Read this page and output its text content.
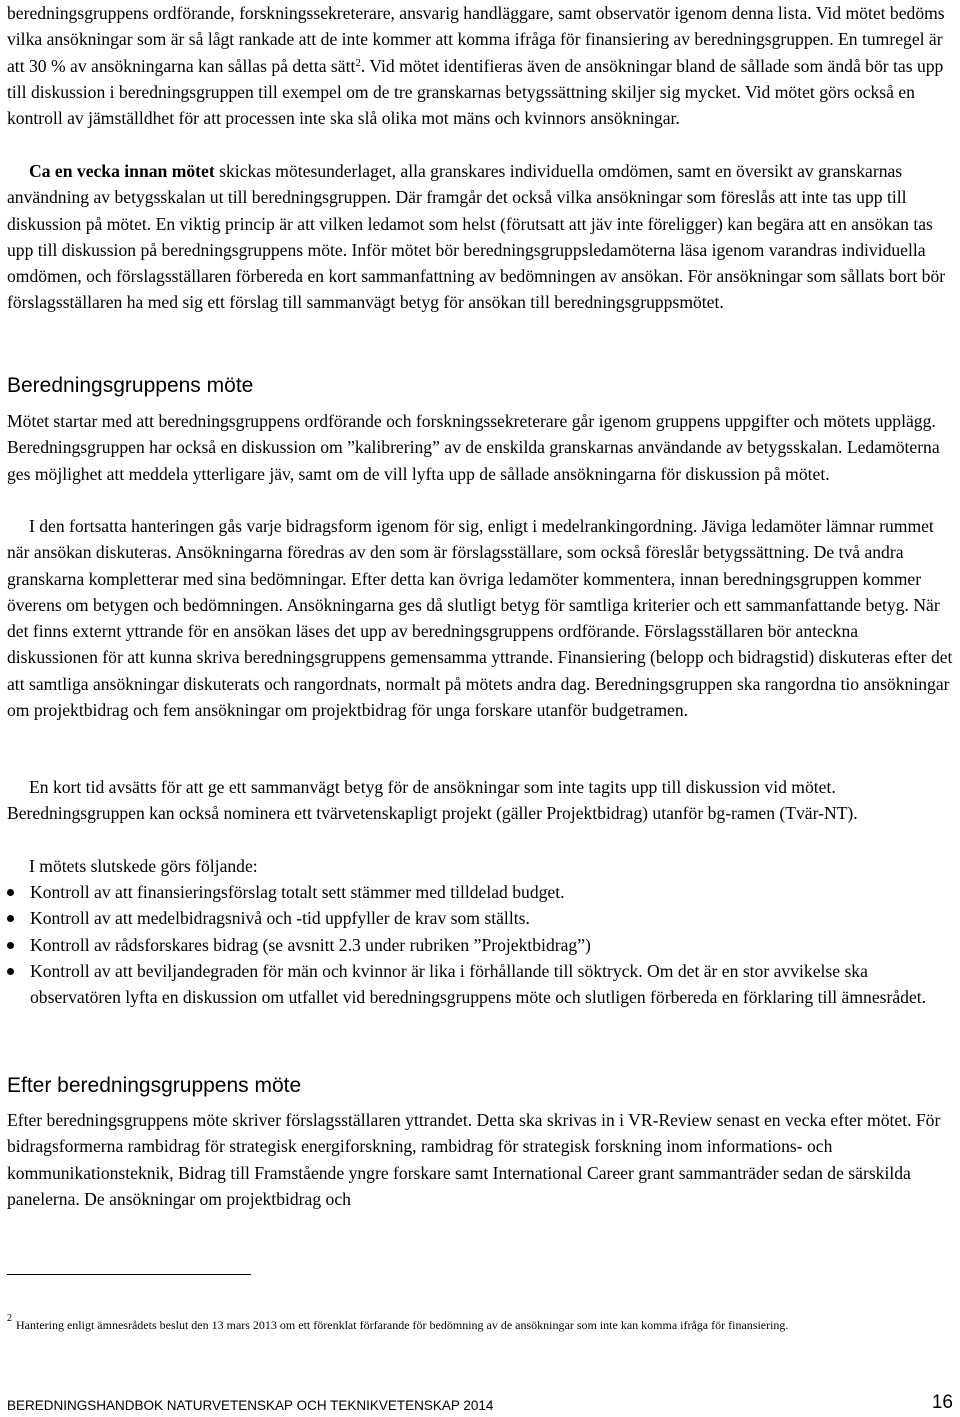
beredningsgruppens ordförande, forskningssekreterare, ansvarig handläggare, samt observatör igenom denna lista. Vid mötet bedöms vilka ansökningar som är så lågt rankade att de inte kommer att komma ifråga för finansiering av beredningsgruppen. En tumregel är att 30 % av ansökningarna kan sållas på detta sätt$^2$. Vid mötet identifieras även de ansökningar bland de sållade som ändå bör tas upp till diskussion i beredningsgruppen till exempel om de tre granskarnas betygssättning skiljer sig mycket. Vid mötet görs också en kontroll av jämställdhet för att processen inte ska slå olika mot mäns och kvinnors ansökningar.

Ca en vecka innan mötet skickas mötesunderlaget, alla granskares individuella omdömen, samt en översikt av granskarnas användning av betygsskalan ut till beredningsgruppen. Där framgår det också vilka ansökningar som föreslås att inte tas upp till diskussion på mötet. En viktig princip är att vilken ledamot som helst (förutsatt att jäv inte föreligger) kan begära att en ansökan tas upp till diskussion på beredningsgruppens möte. Inför mötet bör beredningsgruppsledamöterna läsa igenom varandras individuella omdömen, och förslagsställaren förbereda en kort sammanfattning av bedömningen av ansökan. För ansökningar som sållats bort bör förslagsställaren ha med sig ett förslag till sammanvägt betyg för ansökan till beredningsgruppsmötet.

Beredningsgruppens möte

Mötet startar med att beredningsgruppens ordförande och forskningssekreterare går igenom gruppens uppgifter och mötets upplägg. Beredningsgruppen har också en diskussion om ”kalibrering” av de enskilda granskarnas användande av betygsskalan. Ledamöterna ges möjlighet att meddela ytterligare jäv, samt om de vill lyfta upp de sållade ansökningarna för diskussion på mötet.

I den fortsatta hanteringen gås varje bidragsform igenom för sig, enligt i medelrankingordning. Jäviga ledamöter lämnar rummet när ansökan diskuteras. Ansökningarna föredras av den som är förslagsställare, som också föreslår betygssättning. De två andra granskarna kompletterar med sina bedömningar. Efter detta kan övriga ledamöter kommentera, innan beredningsgruppen kommer överens om betygen och bedömningen. Ansökningarna ges då slutligt betyg för samtliga kriterier och ett sammanfattande betyg. När det finns externt yttrande för en ansökan läses det upp av beredningsgruppens ordförande. Förslagsställaren bör anteckna diskussionen för att kunna skriva beredningsgruppens gemensamma yttrande. Finansiering (belopp och bidragstid) diskuteras efter det att samtliga ansökningar diskuterats och rangordnats, normalt på mötets andra dag. Beredningsgruppen ska rangordna tio ansökningar om projektbidrag och fem ansökningar om projektbidrag för unga forskare utanför budgetramen.

En kort tid avsätts för att ge ett sammanvägt betyg för de ansökningar som inte tagits upp till diskussion vid mötet. Beredningsgruppen kan också nominera ett tvärvetenskapligt projekt (gäller Projektbidrag) utanför bg-ramen (Tvär-NT).

I mötets slutskede görs följande:

Kontroll av att finansieringsförslag totalt sett stämmer med tilldelad budget.
Kontroll av att medelbidragsnivå och -tid uppfyller de krav som ställts.
Kontroll av rådsforskares bidrag (se avsnitt 2.3 under rubriken ”Projektbidrag”)
Kontroll av att beviljandegraden för män och kvinnor är lika i förhållande till söktryck. Om det är en stor avvikelse ska observatören lyfta en diskussion om utfallet vid beredningsgruppens möte och slutligen förbereda en förklaring till ämnesrådet.
Efter beredningsgruppens möte

Efter beredningsgruppens möte skriver förslagsställaren yttrandet. Detta ska skrivas in i VR-Review senast en vecka efter mötet. För bidragsformerna rambidrag för strategisk energiforskning, rambidrag för strategisk forskning inom informations- och kommunikationsteknik, Bidrag till Framstående yngre forskare samt International Career grant sammanträder sedan de särskilda panelerna. De ansökningar om projektbidrag och

$^2$ Hantering enligt ämnesrådets beslut den 13 mars 2013 om ett förenklat förfarande för bedömning av de ansökningar som inte kan komma ifråga för finansiering.

BEREDNINGSHANDBOK NATURVETENSKAP OCH TEKNIKVETENSKAP 2014	16
